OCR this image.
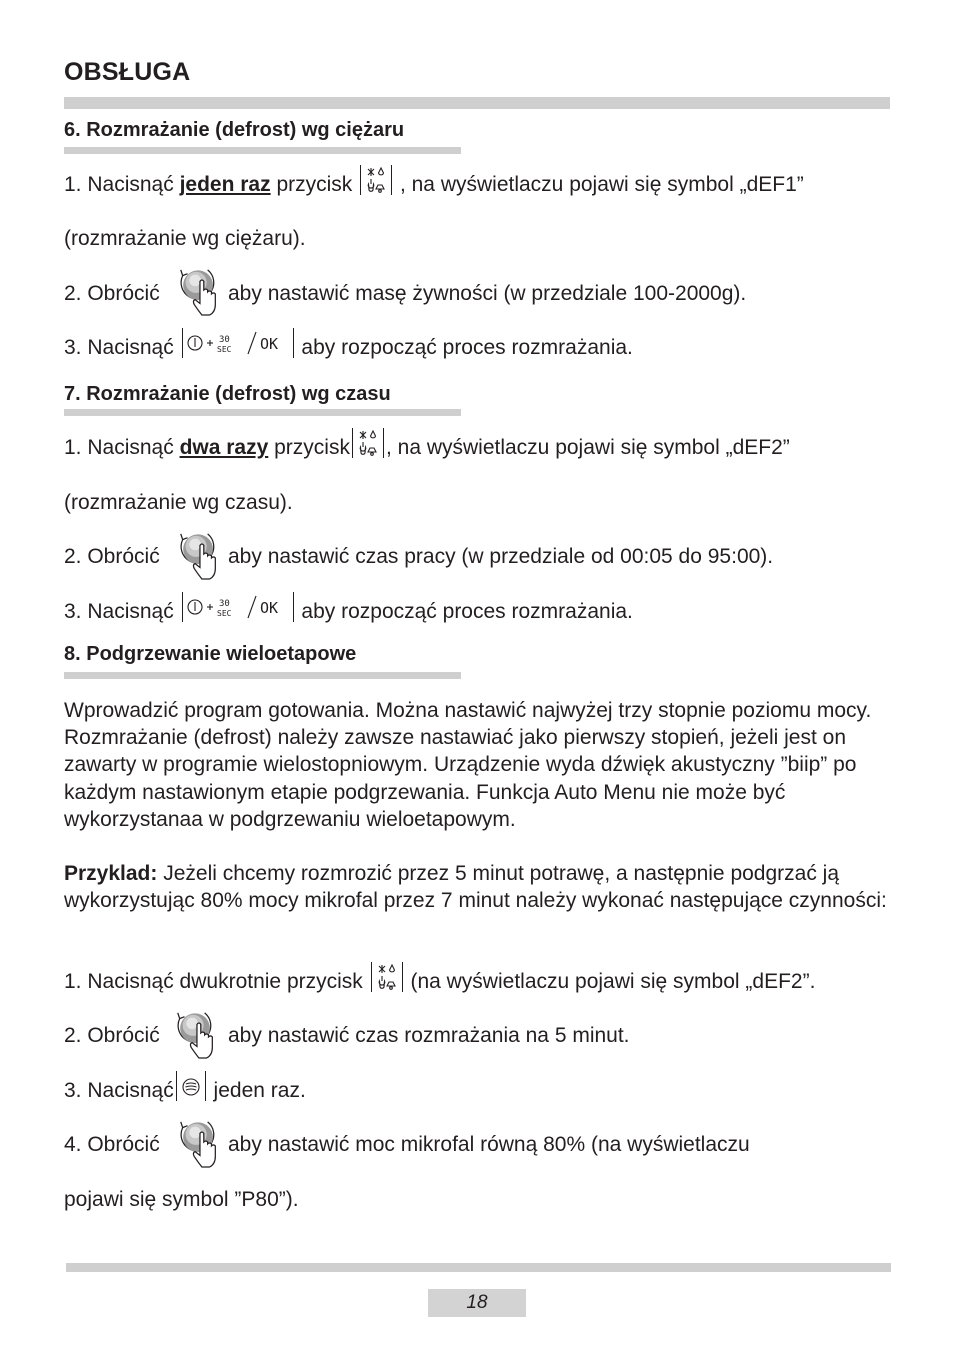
OBSŁUGA
6. Rozmrażanie (defrost) wg ciężaru
1. Nacisnąć jeden raz przycisk
, na wyświetlaczu pojawi się symbol „dEF1”
(rozmrażanie wg ciężaru).
2. Obrócić	aby nastawić masę żywności (w przedziale 100-2000g).
3. Nacisnąć	aby rozpocząć proces rozmrażania.
7. Rozmrażanie (defrost) wg czasu
1. Nacisnąć dwa razy przycisk , na wyświetlaczu pojawi się symbol „dEF2”
(rozmrażanie wg czasu).
2. Obrócić	aby nastawić czas pracy (w przedziale od 00:05 do 95:00).
3. Nacisnąć	aby rozpocząć proces rozmrażania.
8. Podgrzewanie wieloetapowe
Wprowadzić program gotowania. Można nastawić najwyżej trzy stopnie poziomu mocy. Rozmrażanie (defrost) należy zawsze nastawiać jako pierwszy stopień, jeżeli jest on zawarty w programie wielostopniowym. Urządzenie wyda dźwięk akustyczny ”biip” po każdym nastawionym etapie podgrzewania. Funkcja Auto Menu nie może być wykorzystanaa w podgrzewaniu wieloetapowym.
Przyklad: Jeżeli chcemy rozmrozić przez 5 minut potrawę, a następnie podgrzać ją wykorzystując 80% mocy mikrofal przez 7 minut należy wykonać następujące czynności:
1. Nacisnąć dwukrotnie przycisk
(na wyświetlaczu pojawi się symbol „dEF2”.
2. Obrócić	aby nastawić czas rozmrażania na 5 minut.
3. Nacisnąć
jeden raz.
4. Obrócić	aby nastawić moc mikrofal równą 80% (na wyświetlaczu
pojawi się symbol ”P80”).
18
